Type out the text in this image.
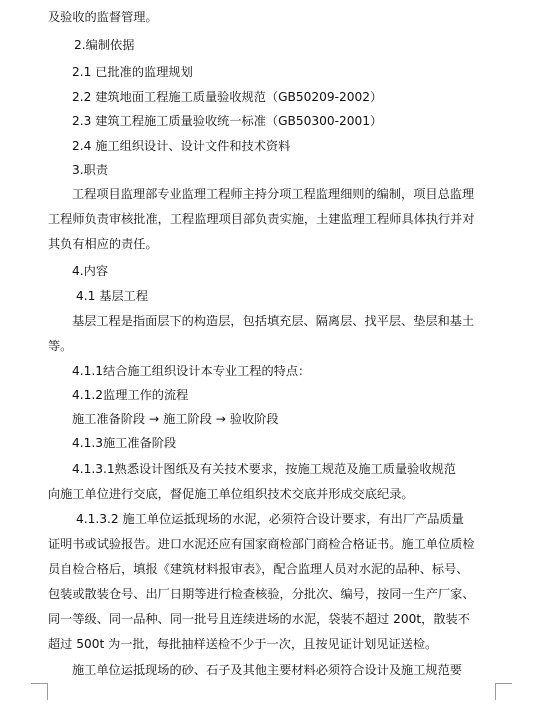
及验收的监督管理。
2.编制依据
2.1 已批准的监理规划
2.2 建筑地面工程施工质量验收规范（GB50209-2002）
2.3 建筑工程施工质量验收统一标准（GB50300-2001）
2.4 施工组织设计、设计文件和技术资料
3.职责
工程项目监理部专业监理工程师主持分项工程监理细则的编制，项目总监理
工程师负责审核批准，工程监理项目部负责实施，土建监理工程师具体执行并对
其负有相应的责任。
4.内容
4.1 基层工程
基层工程是指面层下的构造层，包括填充层、隔离层、找平层、垫层和基土
等。
4.1.1结合施工组织设计本专业工程的特点：
4.1.2监理工作的流程
施工准备阶段 → 施工阶段 → 验收阶段
4.1.3施工准备阶段
4.1.3.1熟悉设计图纸及有关技术要求，按施工规范及施工质量验收规范
向施工单位进行交底，督促施工单位组织技术交底并形成交底纪录。
4.1.3.2 施工单位运抵现场的水泥，必须符合设计要求，有出厂产品质量
证明书或试验报告。进口水泥还应有国家商检部门商检合格证书。施工单位质检
员自检合格后，填报《建筑材料报审表》，配合监理人员对水泥的品种、标号、
包装或散装仓号、出厂日期等进行检查核验，分批次、编号，按同一生产厂家、
同一等级、同一品种、同一批号且连续进场的水泥，袋装不超过 200t，散装不
超过 500t 为一批，每批抽样送检不少于一次，且按见证计划见证送检。
施工单位运抵现场的砂、石子及其他主要材料必须符合设计及施工规范要
